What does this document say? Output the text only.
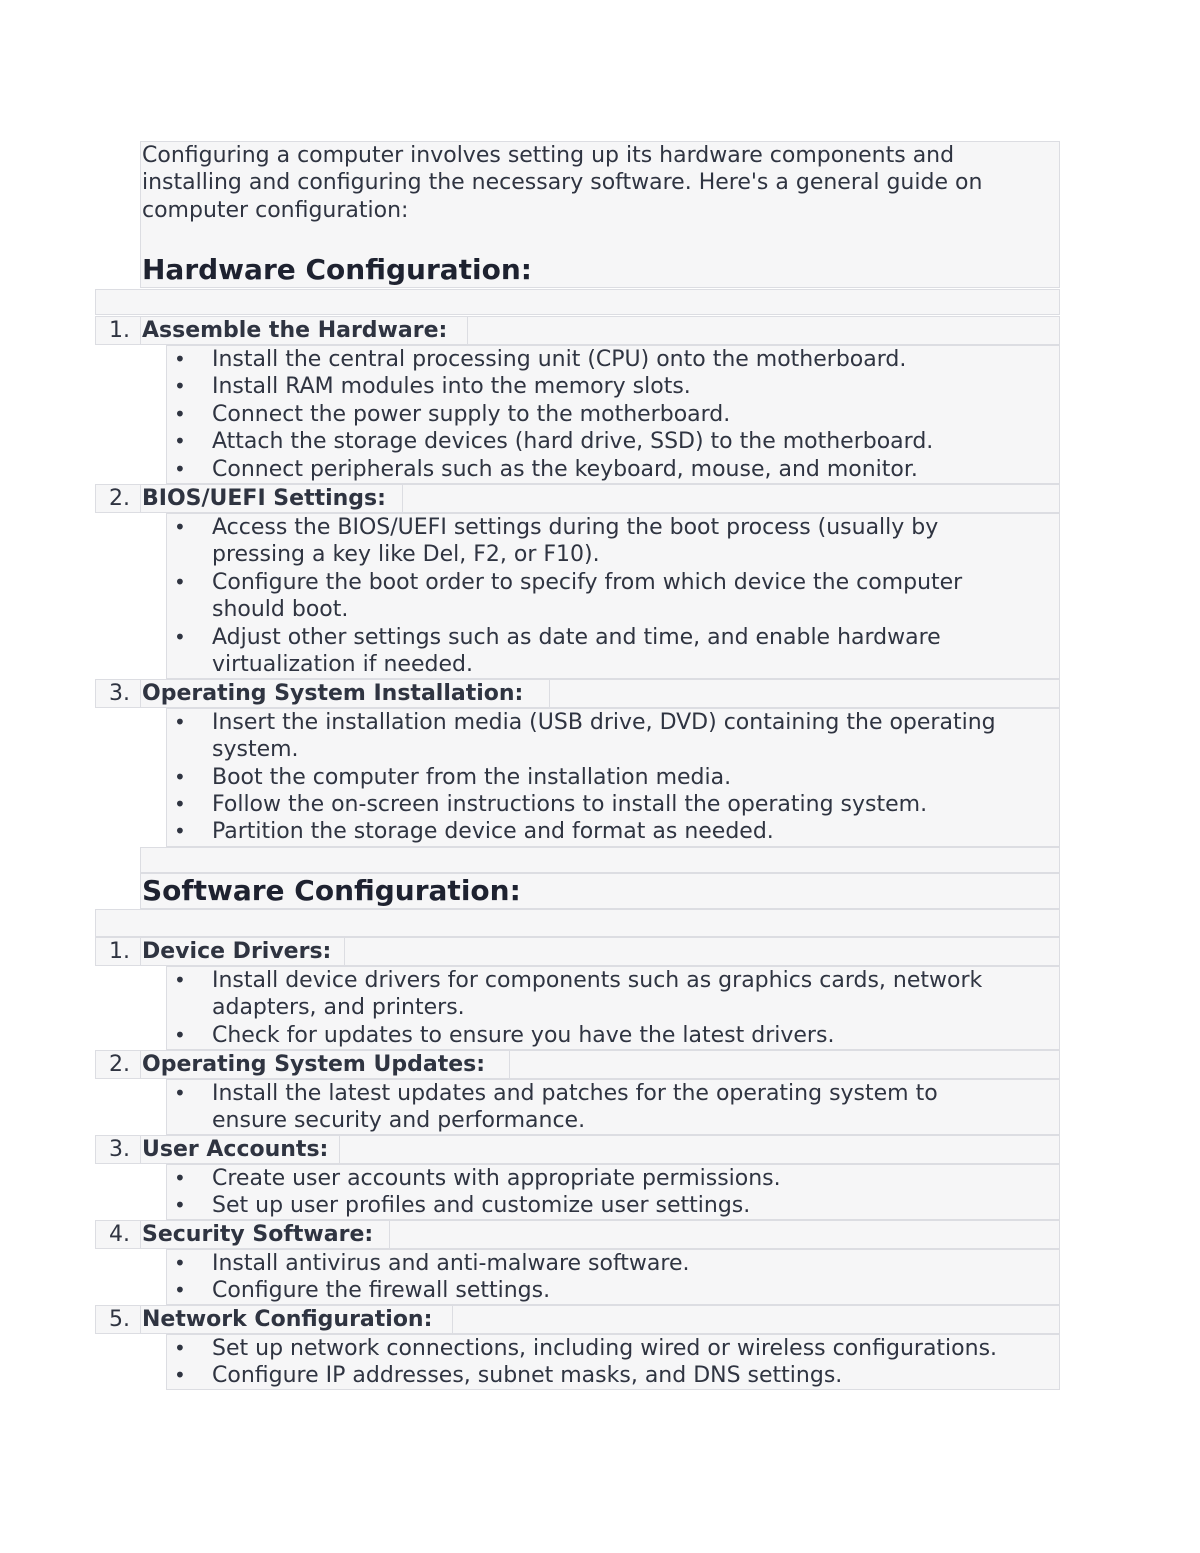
Configuring a computer involves setting up its hardware components and
installing and configuring the necessary software. Here's a general guide on
computer configuration:
Hardware Configuration:
1. Assemble the Hardware:
• Install the central processing unit (CPU) onto the motherboard.
• Install RAM modules into the memory slots.
• Connect the power supply to the motherboard.
• Attach the storage devices (hard drive, SSD) to the motherboard.
• Connect peripherals such as the keyboard, mouse, and monitor.
2. BIOS/UEFI Settings:
• Access the BIOS/UEFI settings during the boot process (usually by
pressing a key like Del, F2, or F10).
• Configure the boot order to specify from which device the computer
should boot.
• Adjust other settings such as date and time, and enable hardware
virtualization if needed.
3. Operating System Installation:
• Insert the installation media (USB drive, DVD) containing the operating
system.
• Boot the computer from the installation media.
• Follow the on-screen instructions to install the operating system.
• Partition the storage device and format as needed.
Software Configuration:
1. Device Drivers:
• Install device drivers for components such as graphics cards, network
adapters, and printers.
• Check for updates to ensure you have the latest drivers.
2. Operating System Updates:
• Install the latest updates and patches for the operating system to
ensure security and performance.
3. User Accounts:
• Create user accounts with appropriate permissions.
• Set up user profiles and customize user settings.
4. Security Software:
• Install antivirus and anti-malware software.
• Configure the firewall settings.
5. Network Configuration:
• Set up network connections, including wired or wireless configurations.
• Configure IP addresses, subnet masks, and DNS settings.
